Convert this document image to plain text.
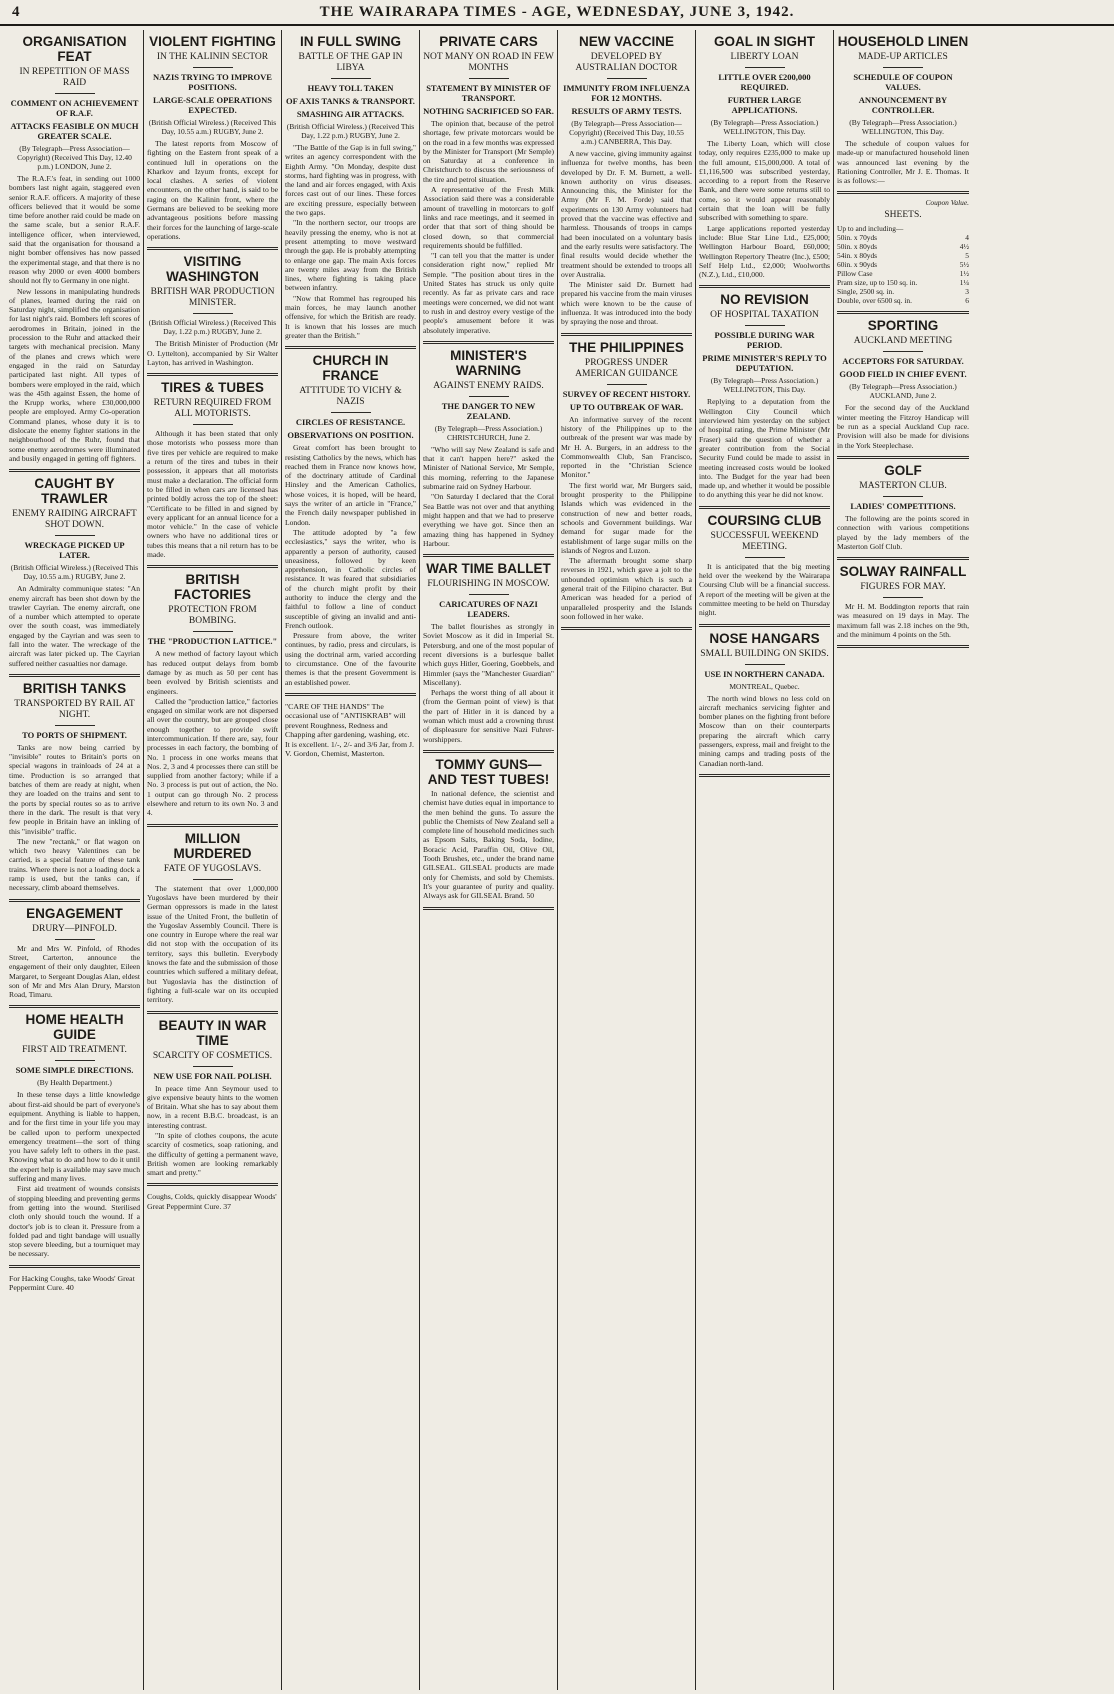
4	THE WAIRARAPA TIMES - AGE, WEDNESDAY, JUNE 3, 1942.
ORGANISATION FEAT
IN REPETITION OF MASS RAID
COMMENT ON ACHIEVEMENT OF R.A.F.
ATTACKS FEASIBLE ON MUCH GREATER SCALE.
(By Telegraph—Press Association—Copyright) (Received This Day, 12.40 p.m.) LONDON, June 2.

The R.A.F.'s feat, in sending out 1000 bombers last night again, staggered even senior R.A.F. officers. A majority of these officers believed that it would be some time before another raid could be made on the same scale, but a senior R.A.F. intelligence officer, when interviewed, said that the organisation for thousand a night bomber offensives has now passed the experimental stage, and that there is no reason why 2000 or even 4000 bombers should not fly to Germany in one night.

New lessons in manipulating hundreds of planes, learned during the raid on Saturday night, simplified the organisation for last night's raid. Bombers left scores of aerodromes in Britain, joined in the procession to the Ruhr and attacked their targets with mechanical precision. Many of the planes and crews which were engaged in the raid on Saturday participated last night. All types of bombers were employed in the raid, which was the 45th against Essen, the home of the Krupp works, where £30,000,000 people are employed. Army Co-operation Command planes, whose duty it is to dislocate the enemy fighter stations in the neighbourhood of the Ruhr, found that some enemy aerodromes were illuminated and busily engaged in getting off fighters.

CAUGHT BY TRAWLER
ENEMY RAIDING AIRCRAFT SHOT DOWN.
WRECKAGE PICKED UP LATER.
(British Official Wireless.) (Received This Day, 10.55 a.m.) RUGBY, June 2.

An Admiralty communique states: "An enemy aircraft has been shot down by the trawler Cayrian. The enemy aircraft, one of a number which attempted to operate over the south coast, was immediately engaged by the Cayrian and was seen to fall into the water. The wreckage of the aircraft was later picked up. The Cayrian suffered neither casualties nor damage.

BRITISH TANKS
TRANSPORTED BY RAIL AT NIGHT.
TO PORTS OF SHIPMENT.

Tanks are now being carried by "invisible" routes to Britain's ports on special wagons in trainloads of 24 at a time. Production is so arranged that batches of them are ready at night, when they are loaded on the trains and sent to the ports by special routes so as to arrive there in the dark. The result is that very few people in Britain have an inkling of this "invisible" traffic.

The new "rectank," or flat wagon on which two heavy Valentines can be carried, is a special feature of these tank trains. Where there is not a loading dock a ramp is used, but the tanks can, if necessary, climb aboard themselves.

ENGAGEMENT
DRURY—PINFOLD.

Mr and Mrs W. Pinfold, of Rhodes Street, Carterton, announce the engagement of their only daughter, Eileen Margaret, to Sergeant Douglas Alan, eldest son of Mr and Mrs Alan Drury, Marston Road, Timaru.

HOME HEALTH GUIDE
FIRST AID TREATMENT.
SOME SIMPLE DIRECTIONS.
(By Health Department.)

In these tense days a little knowledge about first-aid should be part of everyone's equipment. Anything is liable to happen, and for the first time in your life you may be called upon to perform unexpected emergency treatment—the sort of thing you have safely left to others in the past. Knowing what to do and how to do it until the expert help is available may save much suffering and many lives.

First aid treatment of wounds consists of stopping bleeding and preventing germs from getting into the wound. Sterilised cloth only should touch the wound. If a doctor's job is to clean it. Pressure from a folded pad and tight bandage will usually stop severe bleeding, but a tourniquet may be necessary.

For Hacking Coughs, take Woods' Great Peppermint Cure. 40
VIOLENT FIGHTING
IN THE KALININ SECTOR
NAZIS TRYING TO IMPROVE POSITIONS.
LARGE-SCALE OPERATIONS EXPECTED.
(British Official Wireless.) (Received This Day, 10.55 a.m.) RUGBY, June 2.

The latest reports from Moscow of fighting on the Eastern front speak of a continued lull in operations on the Kharkov and Izyum fronts, except for local clashes. A series of violent encounters, on the other hand, is said to be raging on the Kalinin front, where the Germans are believed to be seeking more advantageous positions before massing their forces for the launching of large-scale operations.

VISITING WASHINGTON
BRITISH WAR PRODUCTION MINISTER.
(British Official Wireless.) (Received This Day, 1.22 p.m.) RUGBY, June 2.

The British Minister of Production (Mr O. Lyttelton), accompanied by Sir Walter Layton, has arrived in Washington.

TIRES & TUBES
RETURN REQUIRED FROM ALL MOTORISTS.

Although it has been stated that only those motorists who possess more than five tires per vehicle are required to make a return of the tires and tubes in their possession, it appears that all motorists must make a declaration. The official form to be filled in when cars are licensed has printed boldly across the top of the sheet: "Certificate to be filled in and signed by every applicant for an annual licence for a motor vehicle." In the case of vehicle owners who have no additional tires or tubes this means that a nil return has to be made.

BRITISH FACTORIES
PROTECTION FROM BOMBING.
THE "PRODUCTION LATTICE."

A new method of factory layout which has reduced output delays from bomb damage by as much as 50 per cent has been evolved by British scientists and engineers.

Called the "production lattice," factories engaged on similar work are not dispersed all over the country, but are grouped close enough together to provide swift intercommunication. If there are, say, four processes in each factory, the bombing of No. 1 process in one works means that Nos. 2, 3 and 4 processes there can still be supplied from another factory; while if a No. 3 process is put out of action, the No. 1 output can go through No. 2 process elsewhere and return to its own No. 3 and 4.

MILLION MURDERED
FATE OF YUGOSLAVS.

The statement that over 1,000,000 Yugoslavs have been murdered by their German oppressors is made in the latest issue of the United Front, the bulletin of the Yugoslav Assembly Council. There is one country in Europe where the real war did not stop with the occupation of its territory, says this bulletin. Everybody knows the fate and the submission of those countries which suffered a military defeat, but Yugoslavia has the distinction of fighting a full-scale war on its occupied territory.

BEAUTY IN WAR TIME
SCARCITY OF COSMETICS.
NEW USE FOR NAIL POLISH.

In peace time Ann Seymour used to give expensive beauty hints to the women of Britain. What she has to say about them now, in a recent B.B.C. broadcast, is an interesting contrast.

"In spite of clothes coupons, the acute scarcity of cosmetics, soap rationing, and the difficulty of getting a permanent wave, British women are looking remarkably smart and pretty."

Coughs, Colds, quickly disappear Woods' Great Peppermint Cure. 37
IN FULL SWING
BATTLE OF THE GAP IN LIBYA
HEAVY TOLL TAKEN
OF AXIS TANKS & TRANSPORT.
SMASHING AIR ATTACKS.
(British Official Wireless.) (Received This Day, 1.22 p.m.) RUGBY, June 2.

"The Battle of the Gap is in full swing," writes an agency correspondent with the Eighth Army. "On Monday, despite dust storms, hard fighting was in progress, with the land and air forces engaged, with Axis forces cast out of our lines. These forces are exciting pressure, especially between the two gaps.

"In the northern sector, our troops are heavily pressing the enemy, who is not at present attempting to move westward through the gap. He is probably attempting to enlarge one gap. The main Axis forces are twenty miles away from the British lines, where fighting is taking place between infantry.

"Now that Rommel has regrouped his main forces, he may launch another offensive, for which the British are ready. It is known that his losses are much greater than the British."

CHURCH IN FRANCE
ATTITUDE TO VICHY & NAZIS
CIRCLES OF RESISTANCE.
OBSERVATIONS ON POSITION.

Great comfort has been brought to resisting Catholics by the news, which has reached them in France now knows how, of the doctrinary attitude of Cardinal Hinsley and the American Catholics, whose voices, it is hoped, will be heard, says the writer of an article in "France," the French daily newspaper published in London.

The attitude adopted by "a few ecclesiastics," says the writer, who is apparently a person of authority, caused uneasiness, followed by keen apprehension, in Catholic circles of resistance. It was feared that subsidiaries of the church might profit by their authority to induce the clergy and the faithful to follow a line of conduct susceptible of giving an invalid and anti-French outlook.

Pressure from above, the writer continues, by radio, press and circulars, is using the doctrinal arm, varied according to circumstance. One of the favourite themes is that the present Government is an established power.

"CARE OF THE HANDS" The occasional use of "ANTISKRAB" will prevent Roughness, Redness and Chapping after gardening, washing, etc. It is excellent. 1/-, 2/- and 3/6 Jar, from J. V. Gordon, Chemist, Masterton.
PRIVATE CARS
NOT MANY ON ROAD IN FEW MONTHS
STATEMENT BY MINISTER OF TRANSPORT.
NOTHING SACRIFICED SO FAR.

The opinion that, because of the petrol shortage, few private motorcars would be on the road in a few months was expressed by the Minister for Transport (Mr Semple) on Saturday at a conference in Christchurch to discuss the seriousness of the tire and petrol situation.

A representative of the Fresh Milk Association said there was a considerable amount of travelling in motorcars to golf links and race meetings, and it seemed in order that that sort of thing should be closed down, so that commercial requirements should be fulfilled.

"I can tell you that the matter is under consideration right now," replied Mr Semple. "The position about tires in the United States has struck us only quite recently. As far as private cars and race meetings were concerned, we did not want to rush in and destroy every vestige of the people's amusement before it was absolutely imperative.

MINISTER'S WARNING
AGAINST ENEMY RAIDS.
THE DANGER TO NEW ZEALAND.
(By Telegraph—Press Association.) CHRISTCHURCH, June 2.

"Who will say New Zealand is safe and that it can't happen here?" asked the Minister of National Service, Mr Semple, this morning, referring to the Japanese submarine raid on Sydney Harbour.

"On Saturday I declared that the Coral Sea Battle was not over and that anything might happen and that we had to preserve everything we have got. Since then an amazing thing has happened in Sydney Harbour.

WAR TIME BALLET
FLOURISHING IN MOSCOW.
CARICATURES OF NAZI LEADERS.

The ballet flourishes as strongly in Soviet Moscow as it did in Imperial St. Petersburg, and one of the most popular of recent diversions is a burlesque ballet which guys Hitler, Goering, Goebbels, and Himmler (says the "Manchester Guardian" Miscellany).

Perhaps the worst thing of all about it (from the German point of view) is that the part of Hitler in it is danced by a woman which must add a crowning thrust of displeasure for sensitive Nazi Fuhrer-worshippers.

TOMMY GUNS— AND TEST TUBES!

In national defence, the scientist and chemist have duties equal in importance to the men behind the guns. To assure the public the Chemists of New Zealand sell a complete line of household medicines such as Epsom Salts, Baking Soda, Iodine, Boracic Acid, Paraffin Oil, Olive Oil, Tooth Brushes, etc., under the brand name GILSEAL. GILSEAL products are made only for Chemists, and sold by Chemists. It's your guarantee of purity and quality. Always ask for GILSEAL Brand. 50

NEW VACCINE
DEVELOPED BY AUSTRALIAN DOCTOR
IMMUNITY FROM INFLUENZA FOR 12 MONTHS.
RESULTS OF ARMY TESTS.
(By Telegraph—Press Association—Copyright) (Received This Day, 10.55 a.m.) CANBERRA, This Day.

A new vaccine, giving immunity against influenza for twelve months, has been developed by Dr. F. M. Burnett, a well-known authority on virus diseases. Announcing this, the Minister for the Army (Mr F. M. Forde) said that experiments on 130 Army volunteers had proved that the vaccine was effective and harmless. Thousands of troops in camps had been inoculated on a voluntary basis and the early results were satisfactory. The final results would decide whether the treatment should be extended to troops all over Australia.

The Minister said Dr. Burnett had prepared his vaccine from the main viruses which were known to be the cause of influenza. It was introduced into the body by spraying the nose and throat.

THE PHILIPPINES
PROGRESS UNDER AMERICAN GUIDANCE
SURVEY OF RECENT HISTORY.
UP TO OUTBREAK OF WAR.

An informative survey of the recent history of the Philippines up to the outbreak of the present war was made by Mr H. A. Burgers, in an address to the Commonwealth Club, San Francisco, reported in the "Christian Science Monitor."

The first world war, Mr Burgers said, brought prosperity to the Philippine Islands which was evidenced in the construction of new and better roads, schools and Government buildings. War demand for sugar made for the establishment of large sugar mills on the islands of Negros and Luzon.

The aftermath brought some sharp reverses in 1921, which gave a jolt to the unbounded optimism which is such a general trait of the Filipino character. But American was headed for a period of unparalleled prosperity and the Islands soon followed in her wake.

GOAL IN SIGHT
LIBERTY LOAN
LITTLE OVER £200,000 REQUIRED.
FURTHER LARGE APPLICATIONS.
(By Telegraph—Press Association.) WELLINGTON, This Day.

The Liberty Loan, which will close today, only requires £235,000 to make up the full amount, £15,000,000. A total of £1,116,500 was subscribed yesterday, according to a report from the Reserve Bank, and there were some returns still to come, so it would appear reasonably certain that the loan will be fully subscribed with something to spare.

Large applications reported yesterday include: Blue Star Line Ltd., £25,000; Wellington Harbour Board, £60,000; Wellington Repertory Theatre (Inc.), £500; Self Help Ltd., £2,000; Woolworths (N.Z.), Ltd., £10,000.

NO REVISION
OF HOSPITAL TAXATION
POSSIBLE DURING WAR PERIOD.
PRIME MINISTER'S REPLY TO DEPUTATION.
(By Telegraph—Press Association.) WELLINGTON, This Day.

Replying to a deputation from the Wellington City Council which interviewed him yesterday on the subject of hospital rating, the Prime Minister (Mr Fraser) said the question of whether a greater contribution from the Social Security Fund could be made to assist in meeting increased costs would be looked into. The Budget for the year had been made up, and whether it would be possible to do anything this year he did not know.

COURSING CLUB
SUCCESSFUL WEEKEND MEETING.

It is anticipated that the big meeting held over the weekend by the Wairarapa Coursing Club will be a financial success. A report of the meeting will be given at the committee meeting to be held on Thursday night.

NOSE HANGARS
SMALL BUILDING ON SKIDS.
USE IN NORTHERN CANADA.
MONTREAL, Quebec.

The north wind blows no less cold on aircraft mechanics servicing fighter and bomber planes on the fighting front before Moscow than on their counterparts preparing the aircraft which carry passengers, express, mail and freight to the mining camps and trading posts of the Canadian north-land.

HOUSEHOLD LINEN
MADE-UP ARTICLES
SCHEDULE OF COUPON VALUES.
ANNOUNCEMENT BY CONTROLLER.
(By Telegraph—Press Association.) WELLINGTON, This Day.

The schedule of coupon values for made-up or manufactured household linen was announced last evening by the Rationing Controller, Mr J. E. Thomas. It is as follows:—

Coupon Value.
SHEETS.
Up to and including—
50in. x 70yds	4
50in. x 80yds	4½
54in. x 80yds	5
60in. x 90yds	5½
Pillow Case	1½
Pram size, up to 150 sq. in.	1¼
Single, 2500 sq. in.	3
Double, over 6500 sq. in.	6
SPORTING
AUCKLAND MEETING
ACCEPTORS FOR SATURDAY.
GOOD FIELD IN CHIEF EVENT.
(By Telegraph—Press Association.) AUCKLAND, June 2.

For the second day of the Auckland winter meeting the Fitzroy Handicap will be run as a special Auckland Cup race. Provision will also be made for divisions in the York Steeplechase.

GOLF
MASTERTON CLUB.
LADIES' COMPETITIONS.

The following are the points scored in connection with various competitions played by the lady members of the Masterton Golf Club.

SOLWAY RAINFALL
FIGURES FOR MAY.

Mr H. M. Boddington reports that rain was measured on 19 days in May. The maximum fall was 2.18 inches on the 9th, and the minimum 4 points on the 5th.
